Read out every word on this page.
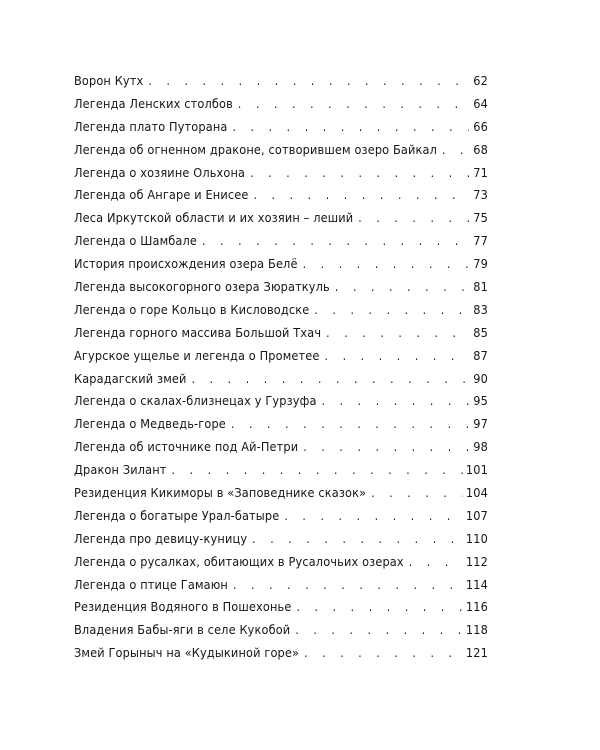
Ворон Кутх . . .	62
Легенда Ленских столбов . . .	64
Легенда плато Путорана . . .	66
Легенда об огненном драконе, сотворившем озеро Байкал . . .	68
Легенда о хозяине Ольхона . . .	71
Легенда об Ангаре и Енисее . . .	73
Леса Иркутской области и их хозяин – леший . . .	75
Легенда о Шамбале . . .	77
История происхождения озера Белё . . .	79
Легенда высокогорного озера Зюраткуль . . .	81
Легенда о горе Кольцо в Кисловодске . . .	83
Легенда горного массива Большой Тхач . . .	85
Агурское ущелье и легенда о Прометее . . .	87
Карадагский змей . . .	90
Легенда о скалах-близнецах у Гурзуфа . . .	95
Легенда о Медведь-горе . . .	97
Легенда об источнике под Ай-Петри . . .	98
Дракон Зилант . . .	101
Резиденция Кикиморы в «Заповеднике сказок» . . .	104
Легенда о богатыре Урал-батыре . . .	107
Легенда про девицу-куницу . . .	110
Легенда о русалках, обитающих в Русалочьих озерах . . .	112
Легенда о птице Гамаюн . . .	114
Резиденция Водяного в Пошехонье . . .	116
Владения Бабы-яги в селе Кукобой . . .	118
Змей Горыныч на «Кудыкиной горе» . . .	121
